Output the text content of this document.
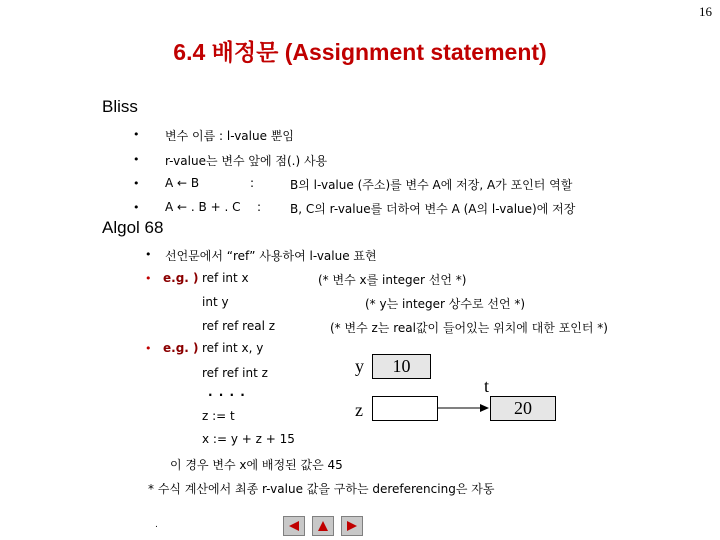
16
6.4 배정문 (Assignment statement)
Bliss
• 변수 이름 : l-value 뿐임
• r-value는 변수 앞에 점(.) 사용
• A ← B	:	B의 l-value (주소)를 변수 A에 저장, A가 포인터 역할
• A ← . B + . C : B, C의 r-value를 더하여 변수 A (A의 l-value)에 저장
Algol 68
• 선언문에서 “ref” 사용하여 l-value 표현
• e.g. ) ref int x	(* 변수 x를 integer 선언 *)
int y	(* y는 integer 상수로 선언 *)
ref ref real z	(* 변수 z는 real값이 들어있는 위치에 대한 포인터 *)
• e.g. ) ref int x, y
ref ref int z
. . . .
z := t
x := y + z + 15
이 경우 변수 x에 배정된 값은 45
* 수식 계산에서 최종 r-value 값을 구하는 dereferencing은 자동
y 10
t
z	20
.
